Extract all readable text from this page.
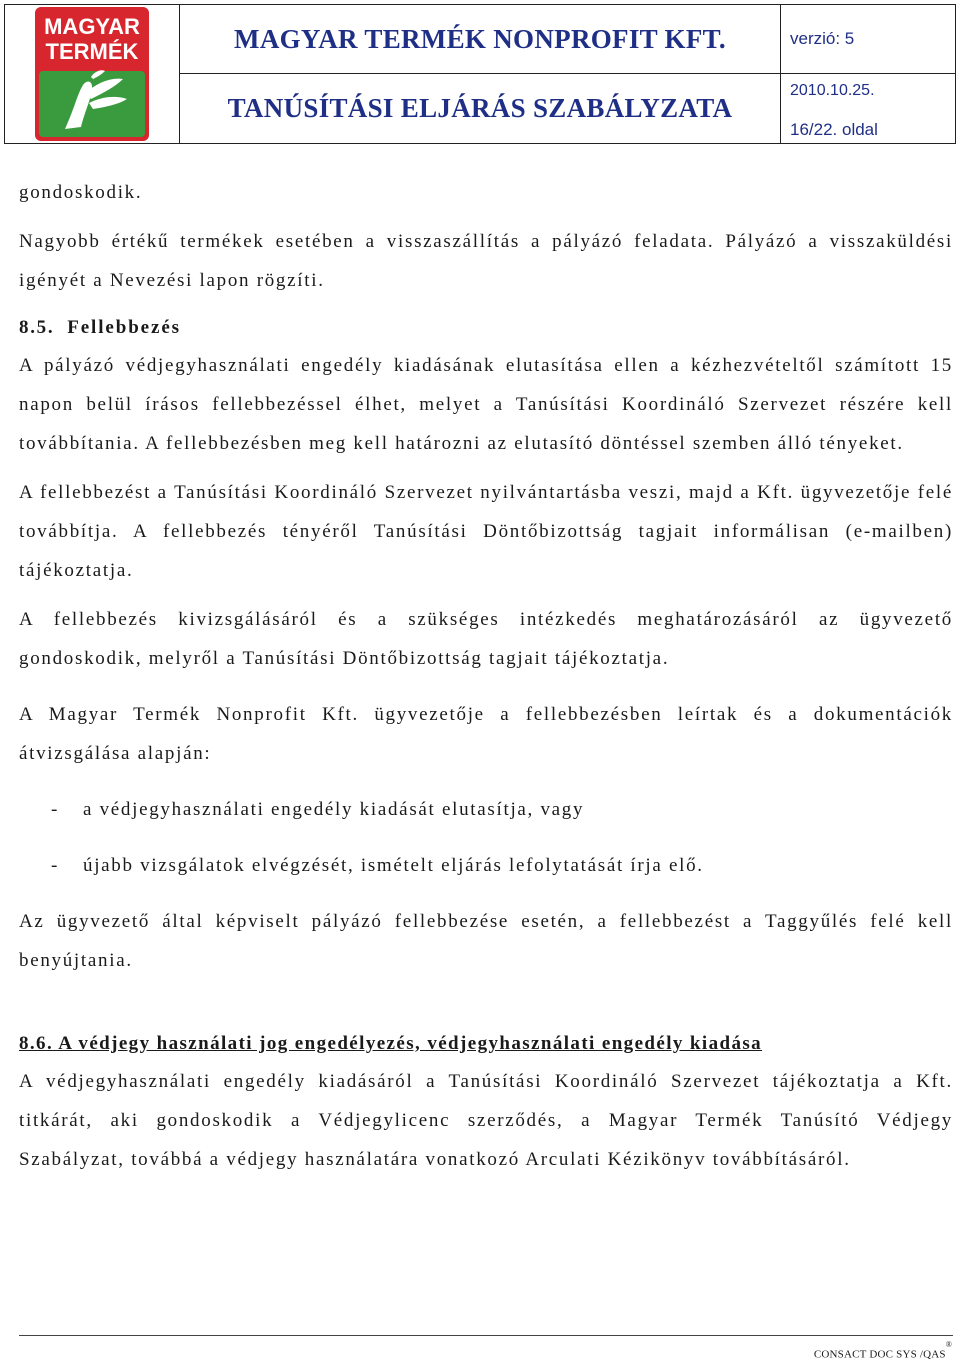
MAGYAR
TERMÉK	MAGYAR TERMÉK NONPROFIT KFT.	verzió: 5
TANÚSÍTÁSI ELJÁRÁS SZABÁLYZATA
2010.10.25.
16/22. oldal

gondoskodik.

Nagyobb értékű termékek esetében a visszaszállítás a pályázó feladata. Pályázó a visszaküldési igényét a Nevezési lapon rögzíti.

8.5. Fellebbezés

A pályázó védjegyhasználati engedély kiadásának elutasítása ellen a kézhezvételtől számított 15 napon belül írásos fellebbezéssel élhet, melyet a Tanúsítási Koordináló Szervezet részére kell továbbítania. A fellebbezésben meg kell határozni az elutasító döntéssel szemben álló tényeket.

A fellebbezést a Tanúsítási Koordináló Szervezet nyilvántartásba veszi, majd a Kft. ügyvezetője felé továbbítja. A fellebbezés tényéről Tanúsítási Döntőbizottság tagjait informálisan (e-mailben) tájékoztatja.

A fellebbezés kivizsgálásáról és a szükséges intézkedés meghatározásáról az ügyvezető gondoskodik, melyről a Tanúsítási Döntőbizottság tagjait tájékoztatja.

A Magyar Termék Nonprofit Kft. ügyvezetője a fellebbezésben leírtak és a dokumentációk átvizsgálása alapján:

-	a védjegyhasználati engedély kiadását elutasítja, vagy
-	újabb vizsgálatok elvégzését, ismételt eljárás lefolytatását írja elő.

Az ügyvezető által képviselt pályázó fellebbezése esetén, a fellebbezést a Taggyűlés felé kell benyújtania.

8.6. A védjegy használati jog engedélyezés, védjegyhasználati engedély kiadása

A védjegyhasználati engedély kiadásáról a Tanúsítási Koordináló Szervezet tájékoztatja a Kft. titkárát, aki gondoskodik a Védjegylicenc szerződés, a Magyar Termék Tanúsító Védjegy Szabályzat, továbbá a védjegy használatára vonatkozó Arculati Kézikönyv továbbításáról.

CONSACT DOC SYS /QAS®
